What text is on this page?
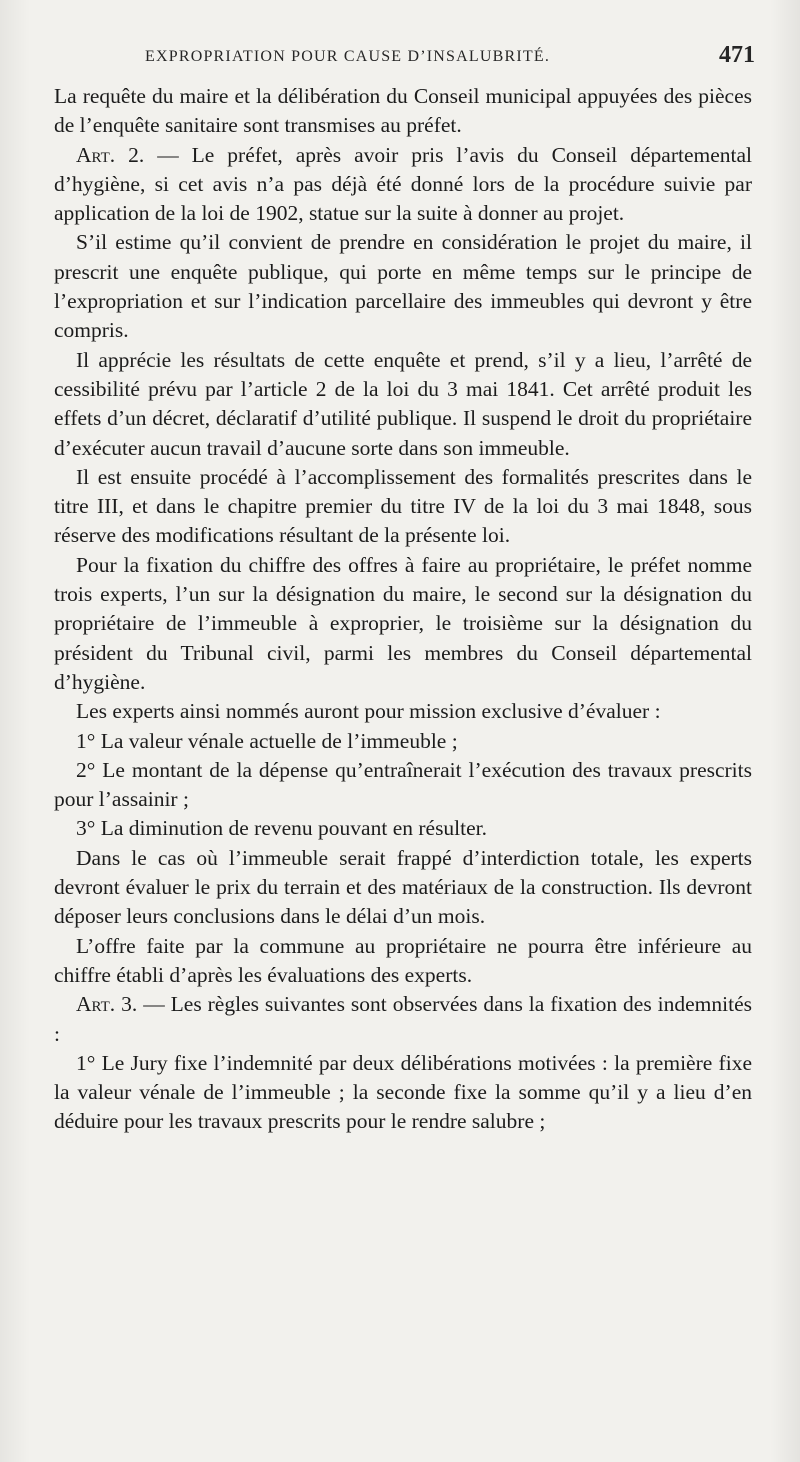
EXPROPRIATION POUR CAUSE D’INSALUBRITÉ.	471

La requête du maire et la délibération du Conseil municipal appuyées des pièces de l’enquête sanitaire sont transmises au préfet.

Art. 2. — Le préfet, après avoir pris l’avis du Conseil départemental d’hygiène, si cet avis n’a pas déjà été donné lors de la procédure suivie par application de la loi de 1902, statue sur la suite à donner au projet.

S’il estime qu’il convient de prendre en considération le projet du maire, il prescrit une enquête publique, qui porte en même temps sur le principe de l’expropriation et sur l’indication parcellaire des immeubles qui devront y être compris.

Il apprécie les résultats de cette enquête et prend, s’il y a lieu, l’arrêté de cessibilité prévu par l’article 2 de la loi du 3 mai 1841. Cet arrêté produit les effets d’un décret, déclaratif d’utilité publique. Il suspend le droit du propriétaire d’exécuter aucun travail d’aucune sorte dans son immeuble.

Il est ensuite procédé à l’accomplissement des formalités prescrites dans le titre III, et dans le chapitre premier du titre IV de la loi du 3 mai 1848, sous réserve des modifications résultant de la présente loi.

Pour la fixation du chiffre des offres à faire au propriétaire, le préfet nomme trois experts, l’un sur la désignation du maire, le second sur la désignation du propriétaire de l’immeuble à exproprier, le troisième sur la désignation du président du Tribunal civil, parmi les membres du Conseil départemental d’hygiène.

Les experts ainsi nommés auront pour mission exclusive d’évaluer :

1° La valeur vénale actuelle de l’immeuble ;

2° Le montant de la dépense qu’entraînerait l’exécution des travaux prescrits pour l’assainir ;

3° La diminution de revenu pouvant en résulter.

Dans le cas où l’immeuble serait frappé d’interdiction totale, les experts devront évaluer le prix du terrain et des matériaux de la construction. Ils devront déposer leurs conclusions dans le délai d’un mois.

L’offre faite par la commune au propriétaire ne pourra être inférieure au chiffre établi d’après les évaluations des experts.

Art. 3. — Les règles suivantes sont observées dans la fixation des indemnités :

1° Le Jury fixe l’indemnité par deux délibérations motivées : la première fixe la valeur vénale de l’immeuble ; la seconde fixe la somme qu’il y a lieu d’en déduire pour les travaux prescrits pour le rendre salubre ;
